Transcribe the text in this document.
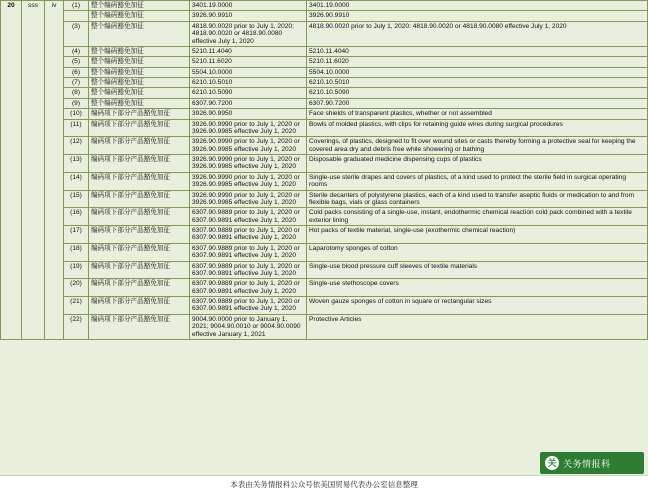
20	sss	iv	(1)	整个编码豁免加征	3401.19.0000	3401.19.0000
				整个编码豁免加征	3926.90.9910	3926.90.9910
			(3)	整个编码豁免加征	4818.90.0020 prior to July 1, 2020;
4818.90.0020 or 4818.90.0080
effective July 1, 2020	4818.90.0020 prior to July 1, 2020: 4818.90.0020 or 4818.90.0080 effective July 1, 2020
			(4)	整个编码豁免加征	5210.11.4040	5210.11.4040
			(5)	整个编码豁免加征	5210.11.6020	5210.11.6020
			(6)	整个编码豁免加征	5504.10.0000	5504.10.0000
			(7)	整个编码豁免加征	6210.10.5010	6210.10.5010
			(8)	整个编码豁免加征	6210.10.5090	6210.10.5090
			(9)	整个编码豁免加征	6307.90.7200	6307.90.7200
			(10)	编码项下部分产品豁免加征	3926.90.9950	Face shields of transparent plastics, whether or not assembled
			(11)	编码项下部分产品豁免加征	3926.90.9990 prior to July 1, 2020 or
3926.90.9985 effective July 1, 2020	Bowls of molded plastics, with clips for retaining guide wires during surgical procedures
			(12)	编码项下部分产品豁免加征	3926.90.9990 prior to July 1, 2020 or
3926.90.9985 effective July 1, 2020	Coverings, of plastics, designed to fit over wound sites or casts thereby forming a protective seal for keeping the covered area dry and debris free while showering or bathing
			(13)	编码项下部分产品豁免加征	3926.90.9990 prior to July 1, 2020 or
3926.90.9985 effective July 1, 2020	Disposable graduated medicine dispensing cups of plastics
			(14)	编码项下部分产品豁免加征	3926.90.9990 prior to July 1, 2020 or
3926.90.9985 effective July 1, 2020	Single-use sterile drapes and covers of plastics, of a kind used to protect the sterile field in surgical operating rooms
			(15)	编码项下部分产品豁免加征	3926.90.9990 prior to July 1, 2020 or
3926.90.9985 effective July 1, 2020	Sterile decanters of polystyrene plastics, each of a kind used to transfer aseptic fluids or medication to and from flexible bags, vials or glass containers
			(16)	编码项下部分产品豁免加征	6307.90.9889 prior to July 1, 2020 or
6307.90.9891 effective July 1, 2020	Cold packs consisting of a single-use, instant, endothermic chemical reaction cold pack combined with a textile exterior lining
			(17)	编码项下部分产品豁免加征	6307.90.9889 prior to July 1, 2020 or
6307.90.9891 effective July 1, 2020	Hot packs of textile material, single-use (exothermic chemical reaction)
			(18)	编码项下部分产品豁免加征	6307.90.9889 prior to July 1, 2020 or
6307.90.9891 effective July 1, 2020	Laparotomy sponges of cotton
			(19)	编码项下部分产品豁免加征	6307.90.9889 prior to July 1, 2020 or
6307.90.9891 effective July 1, 2020	Single-use blood pressure cuff sleeves of textile materials
			(20)	编码项下部分产品豁免加征	6307.90.9889 prior to July 1, 2020 or
6307.90.9891 effective July 1, 2020	Single-use stethoscope covers
			(21)	编码项下部分产品豁免加征	6307.90.9889 prior to July 1, 2020 or
6307.90.9891 effective July 1, 2020	Woven gauze sponges of cotton in square or rectangular sizes
			(22)	编码项下部分产品豁免加征	9004.90.0000 prior to January 1,
2021; 9004.90.0010 or 9004.90.0090
effective January 1, 2021	Protective Articles
本表由关务情报科公众号依美国贸易代表办公室信息整理
关 关务情报科
